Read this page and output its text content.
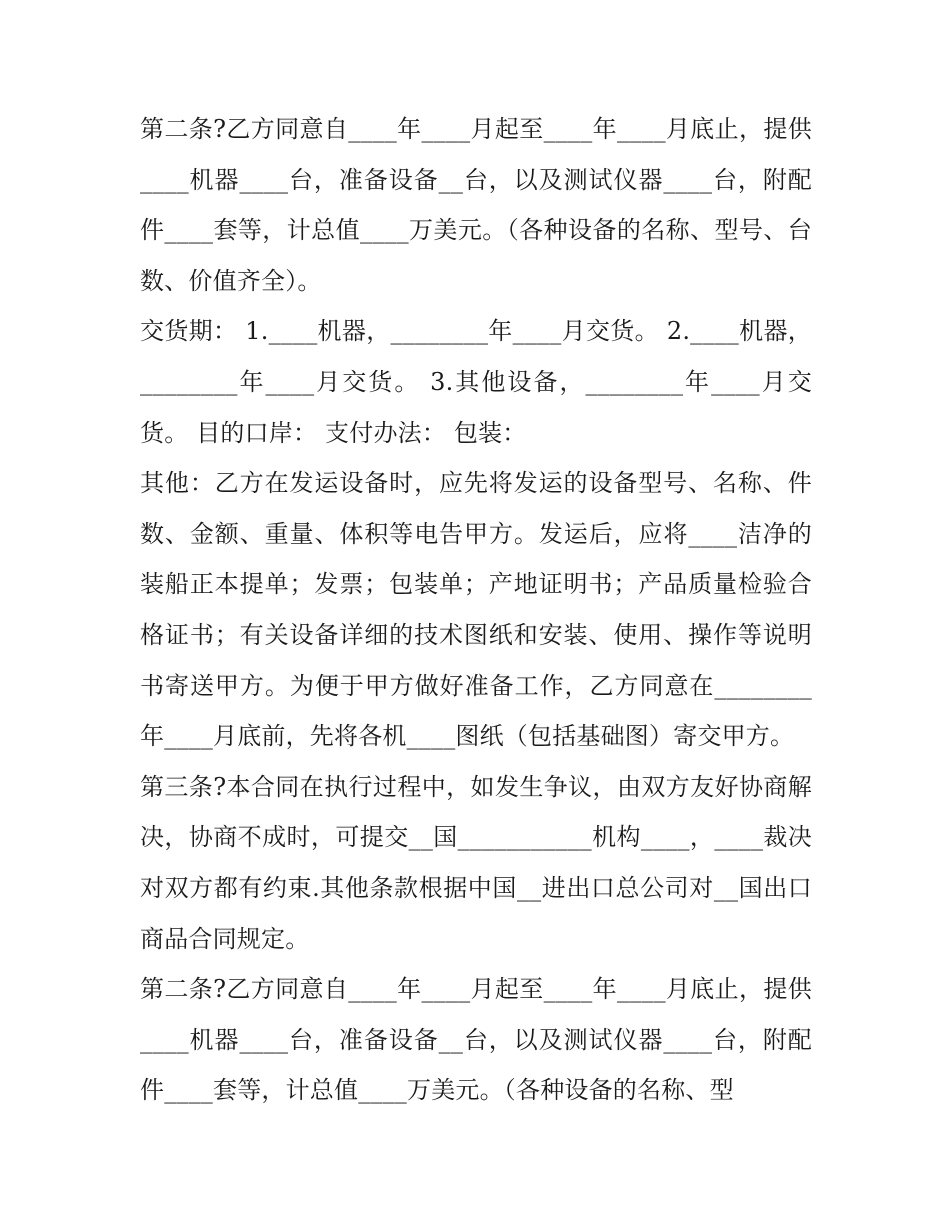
第二条?乙方同意自____年____月起至____年____月底止，提供____机器____台，准备设备__台，以及测试仪器____台，附配件____套等，计总值____万美元。（各种设备的名称、型号、台数、价值齐全）。

交货期： 1.____机器，________年____月交货。 2.____机器，________年____月交货。 3.其他设备，________年____月交货。 目的口岸： 支付办法： 包装：

其他：乙方在发运设备时，应先将发运的设备型号、名称、件数、金额、重量、体积等电告甲方。发运后，应将____洁净的装船正本提单；发票；包装单；产地证明书；产品质量检验合格证书；有关设备详细的技术图纸和安装、使用、操作等说明书寄送甲方。为便于甲方做好准备工作，乙方同意在________年____月底前，先将各机____图纸（包括基础图）寄交甲方。

第三条?本合同在执行过程中，如发生争议，由双方友好协商解决，协商不成时，可提交__国___________机构____，____裁决对双方都有约束.其他条款根据中国__进出口总公司对__国出口商品合同规定。

第二条?乙方同意自____年____月起至____年____月底止，提供____机器____台，准备设备__台，以及测试仪器____台，附配件____套等，计总值____万美元。（各种设备的名称、型
